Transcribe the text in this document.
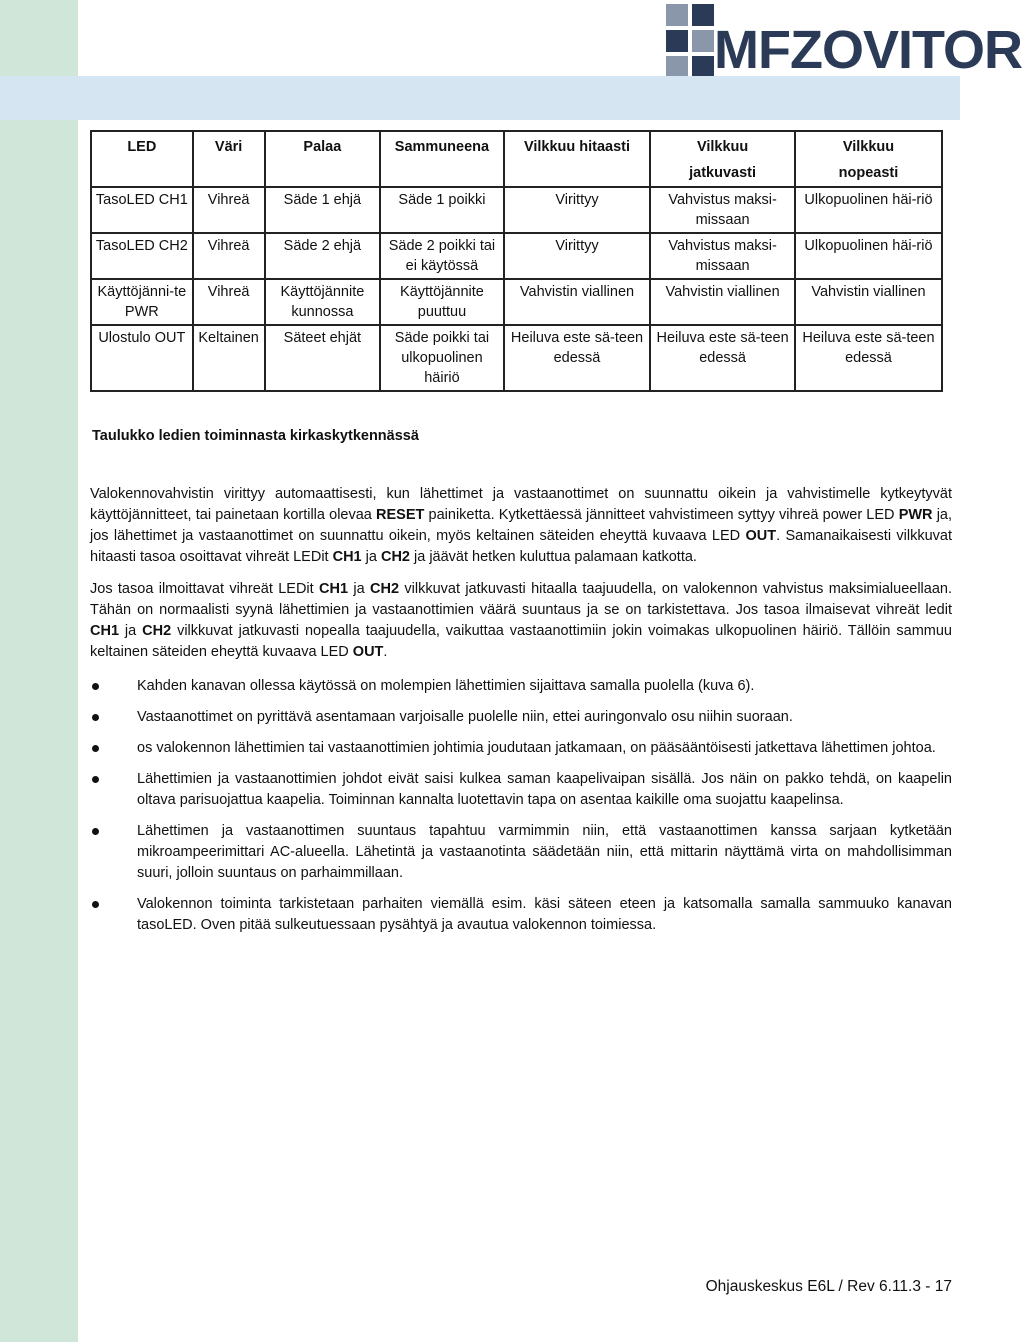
MFZOVITOR
LED	Väri	Palaa	Sammuneena	Vilkkuu hitaasti	Vilkkuu	Vilkkuu
					jatkuvasti	nopeasti
TasoLED CH1	Vihreä	Säde 1 ehjä	Säde 1 poikki	Virittyy	Vahvistus maksi-missaan	Ulkopuolinen häi-riö
TasoLED CH2	Vihreä	Säde 2 ehjä	Säde 2 poikki tai ei käytössä	Virittyy	Vahvistus maksi-missaan	Ulkopuolinen häi-riö
Käyttöjänni-te PWR	Vihreä	Käyttöjännite kunnossa	Käyttöjännite puuttuu	Vahvistin viallinen	Vahvistin viallinen	Vahvistin viallinen
Ulostulo OUT	Keltainen	Säteet ehjät	Säde poikki tai ulkopuolinen häiriö	Heiluva este sä-teen edessä	Heiluva este sä-teen edessä	Heiluva este sä-teen edessä
Taulukko ledien toiminnasta kirkaskytkennässä
Valokennovahvistin virittyy automaattisesti, kun lähettimet ja vastaanottimet on suunnattu oikein ja vahvistimelle kytkeytyvät käyttöjännitteet, tai painetaan kortilla olevaa RESET painiketta. Kytkettäessä jännitteet vahvistimeen syttyy vihreä power LED PWR ja, jos lähettimet ja vastaanottimet on suunnattu oikein, myös keltainen säteiden eheyttä kuvaava LED OUT. Samanaikaisesti vilkkuvat hitaasti tasoa osoittavat vihreät LEDit CH1 ja CH2 ja jäävät hetken kuluttua palamaan katkotta.
Jos tasoa ilmoittavat vihreät LEDit CH1 ja CH2 vilkkuvat jatkuvasti hitaalla taajuudella, on valokennon vahvistus maksimialueellaan. Tähän on normaalisti syynä lähettimien ja vastaanottimien väärä suuntaus ja se on tarkistettava. Jos tasoa ilmaisevat vihreät ledit CH1 ja CH2 vilkkuvat jatkuvasti nopealla taajuudella, vaikuttaa vastaanottimiin jokin voimakas ulkopuolinen häiriö. Tällöin sammuu keltainen säteiden eheyttä kuvaava LED OUT.
Kahden kanavan ollessa käytössä on molempien lähettimien sijaittava samalla puolella (kuva 6).
Vastaanottimet on pyrittävä asentamaan varjoisalle puolelle niin, ettei auringonvalo osu niihin suoraan.
os valokennon lähettimien tai vastaanottimien johtimia joudutaan jatkamaan, on pääsääntöisesti jatkettava lähettimen johtoa.
Lähettimien ja vastaanottimien johdot eivät saisi kulkea saman kaapelivaipan sisällä. Jos näin on pakko tehdä, on kaapelin oltava parisuojattua kaapelia. Toiminnan kannalta luotettavin tapa on asentaa kaikille oma suojattu kaapelinsa.
Lähettimen ja vastaanottimen suuntaus tapahtuu varmimmin niin, että vastaanottimen kanssa sarjaan kytketään mikroampeerimittari AC-alueella. Lähetintä ja vastaanotinta säädetään niin, että mittarin näyttämä virta on mahdollisimman suuri, jolloin suuntaus on parhaimmillaan.
Valokennon toiminta tarkistetaan parhaiten viemällä esim. käsi säteen eteen ja katsomalla samalla sammuuko kanavan tasoLED. Oven pitää sulkeutuessaan pysähtyä ja avautua valokennon toimiessa.
Ohjauskeskus E6L / Rev 6.11.3 - 17
